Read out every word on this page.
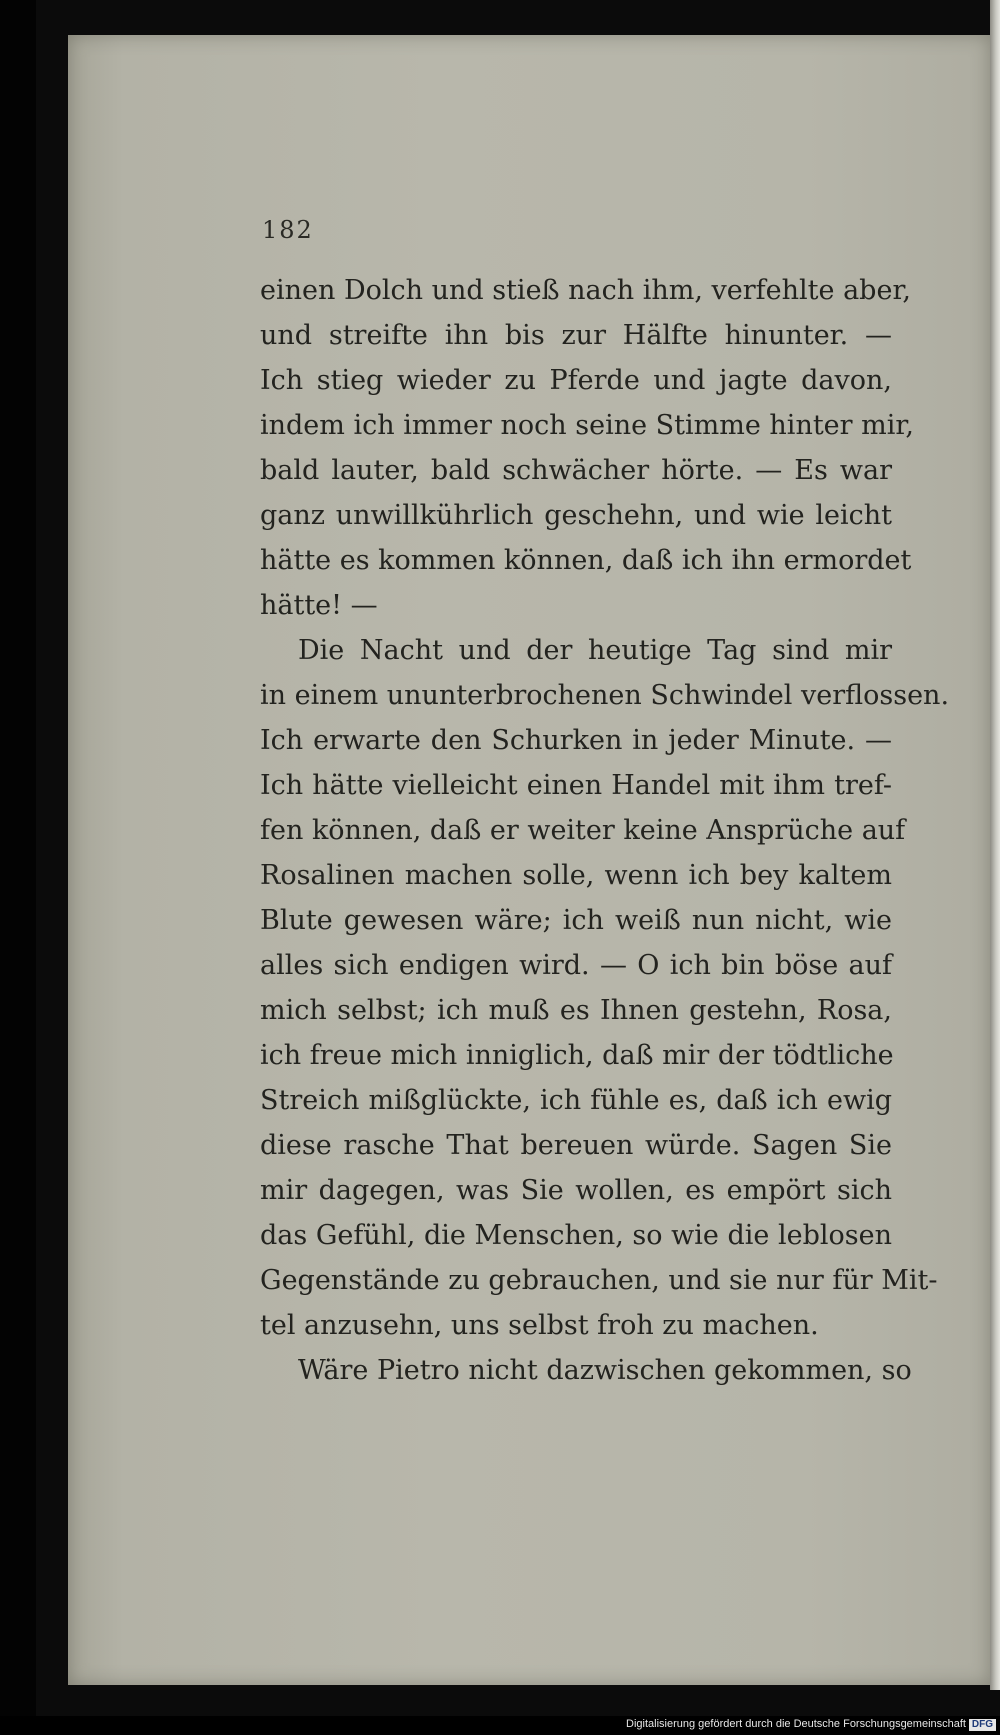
182
einen Dolch und stieß nach ihm, verfehlte aber,
und streifte ihn bis zur Hälfte hinunter. —
Ich stieg wieder zu Pferde und jagte davon,
indem ich immer noch seine Stimme hinter mir,
bald lauter, bald schwächer hörte. — Es war
ganz unwillkührlich geschehn, und wie leicht
hätte es kommen können, daß ich ihn ermordet
hätte! —
Die Nacht und der heutige Tag sind mir
in einem ununterbrochenen Schwindel verflossen.
Ich erwarte den Schurken in jeder Minute. —
Ich hätte vielleicht einen Handel mit ihm tref-
fen können, daß er weiter keine Ansprüche auf
Rosalinen machen solle, wenn ich bey kaltem
Blute gewesen wäre; ich weiß nun nicht, wie
alles sich endigen wird. — O ich bin böse auf
mich selbst; ich muß es Ihnen gestehn, Rosa,
ich freue mich inniglich, daß mir der tödtliche
Streich mißglückte, ich fühle es, daß ich ewig
diese rasche That bereuen würde. Sagen Sie
mir dagegen, was Sie wollen, es empört sich
das Gefühl, die Menschen, so wie die leblosen
Gegenstände zu gebrauchen, und sie nur für Mit-
tel anzusehn, uns selbst froh zu machen.
Wäre Pietro nicht dazwischen gekommen, so
Digitalisierung gefördert durch die Deutsche Forschungsgemeinschaft DFG
